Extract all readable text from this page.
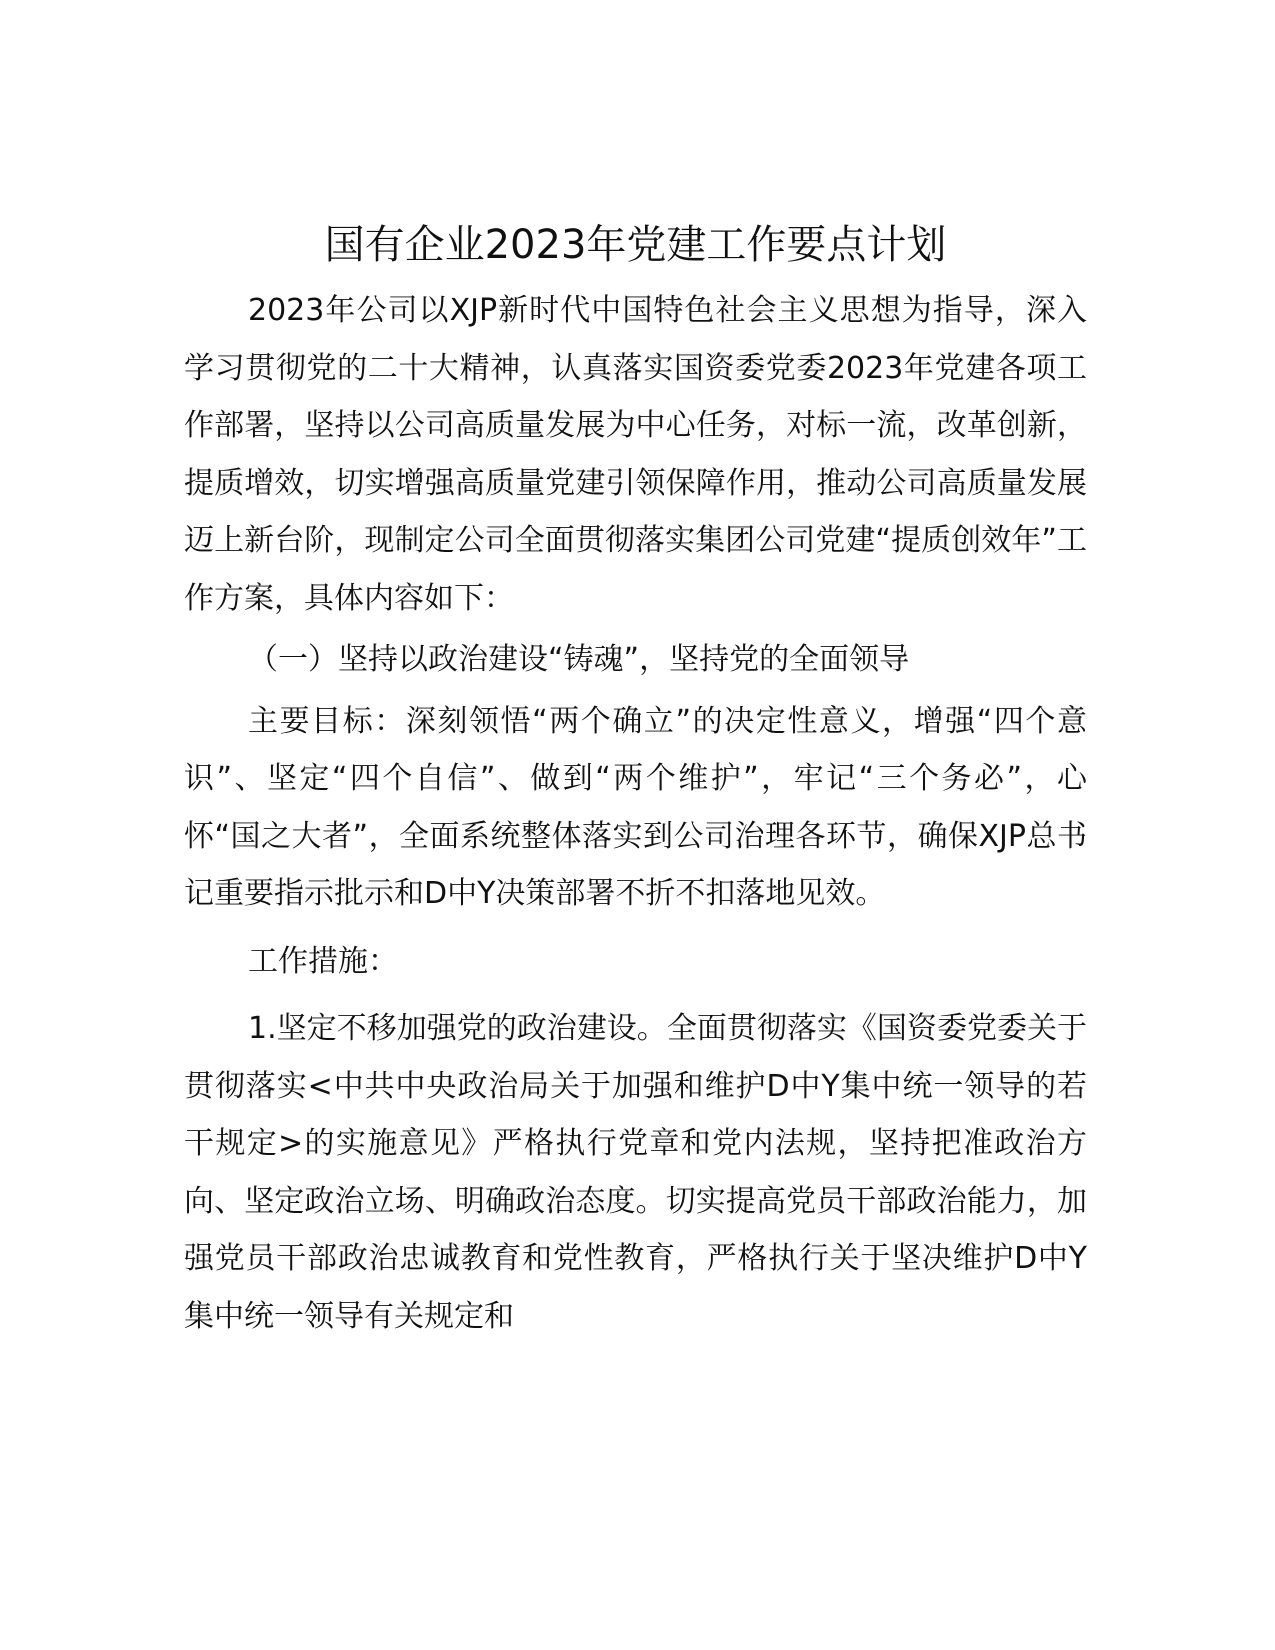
国有企业2023年党建工作要点计划

2023年公司以XJP新时代中国特色社会主义思想为指导，深入学习贯彻党的二十大精神，认真落实国资委党委2023年党建各项工作部署，坚持以公司高质量发展为中心任务，对标一流，改革创新，提质增效，切实增强高质量党建引领保障作用，推动公司高质量发展迈上新台阶，现制定公司全面贯彻落实集团公司党建“提质创效年”工作方案，具体内容如下：

（一）坚持以政治建设“铸魂”，坚持党的全面领导

主要目标：深刻领悟“两个确立”的决定性意义，增强“四个意识”、坚定“四个自信”、做到“两个维护”，牢记“三个务必”，心怀“国之大者”，全面系统整体落实到公司治理各环节，确保XJP总书记重要指示批示和D中Y决策部署不折不扣落地见效。

工作措施：

1.坚定不移加强党的政治建设。全面贯彻落实《国资委党委关于贯彻落实<中共中央政治局关于加强和维护D中Y集中统一领导的若干规定>的实施意见》严格执行党章和党内法规，坚持把准政治方向、坚定政治立场、明确政治态度。切实提高党员干部政治能力，加强党员干部政治忠诚教育和党性教育，严格执行关于坚决维护D中Y集中统一领导有关规定和
